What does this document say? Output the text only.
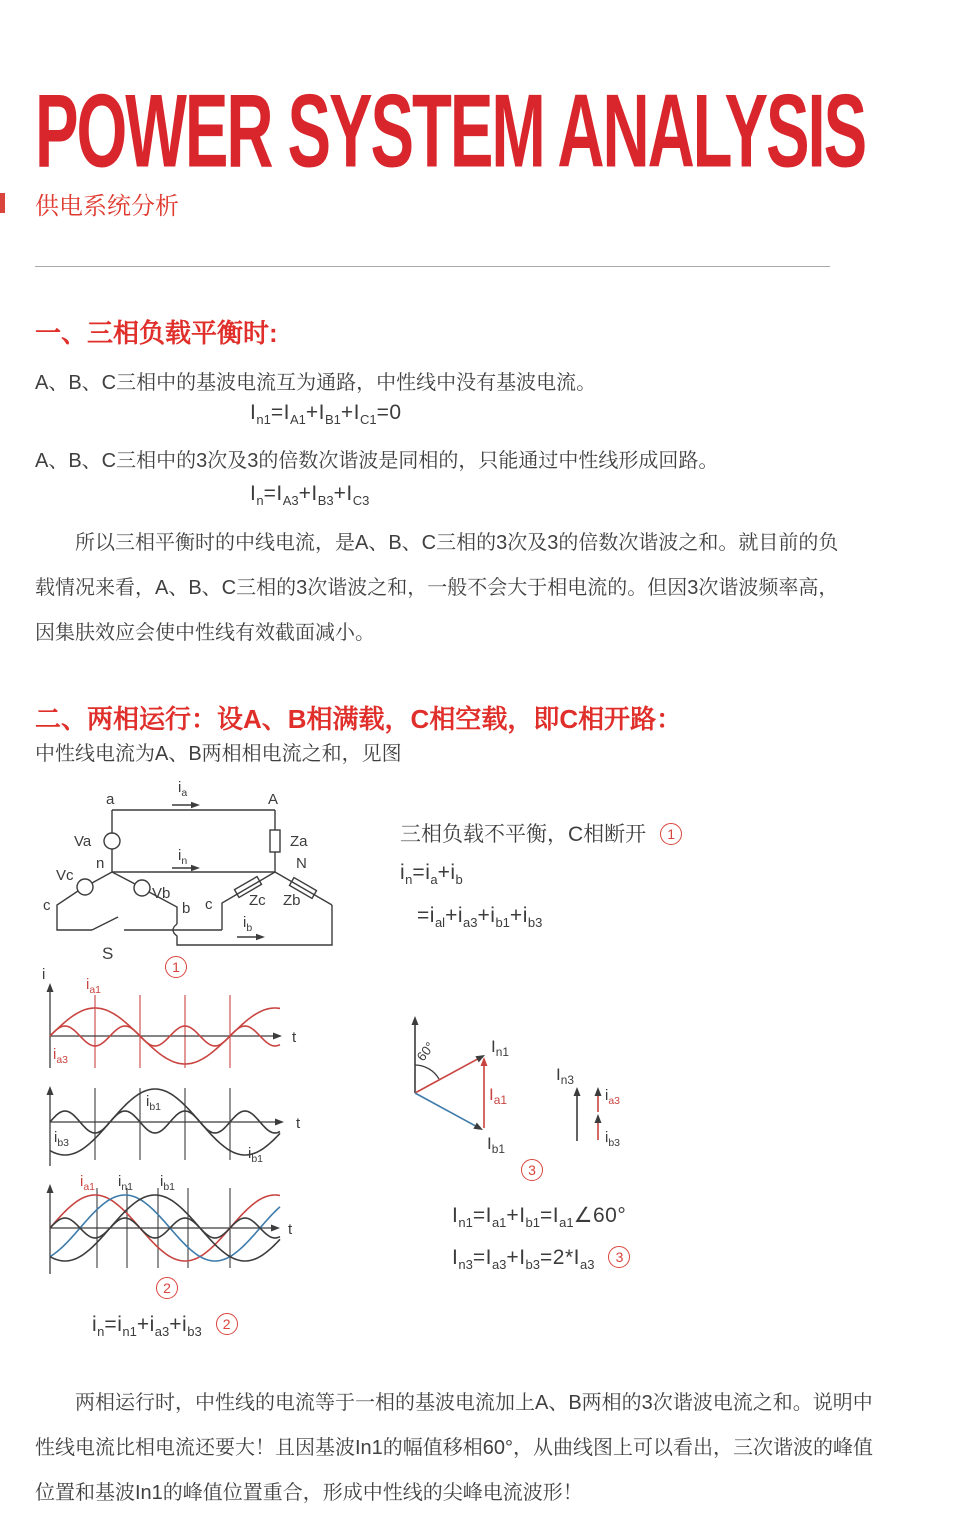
POWER SYSTEM ANALYSIS
供电系统分析
一、三相负载平衡时:
A、B、C三相中的基波电流互为通路，中性线中没有基波电流。
$I_{n1}=I_{A1}+I_{B1}+I_{C1}=0$
A、B、C三相中的3次及3的倍数次谐波是同相的，只能通过中性线形成回路。
$I_n=I_{A3}+I_{B3}+I_{C3}$
所以三相平衡时的中线电流，是A、B、C三相的3次及3的倍数次谐波之和。就目前的负载情况来看，A、B、C三相的3次谐波之和，一般不会大于相电流的。但因3次谐波频率高，因集肤效应会使中性线有效截面减小。
二、两相运行：设A、B相满载，C相空载，即C相开路：
中性线电流为A、B两相相电流之和，见图
a
$i_a$	A
Va	Za
$i_n$
n	N
Vc
Vb
c	b c Zc Zb
$i_b$
S
三相负载不平衡，C相断开 1
$i_n=i_a+i_b$
$=i_{al}+i_{a3}+i_{b1}+i_{b3}$
i
$i_{a1}$
$i_{a3}$
t
$i_{b3}$
$i_{b1}$
$i_{b1}$
t
$i_{a1}$ $i_{n1}$ $i_{b1}$
t
$I_{n1}$
$I_{a1}$
$I_{b1}$
60°
$I_{n3}$
$i_{a3}$
$i_{b3}$
1
2
3
$I_{n1}=I_{a1}+I_{b1}=I_{a1}\angle 60^\circ$
$I_{n3}=I_{a3}+I_{b3}=2*I_{a3}$ 3
$i_n=i_{n1}+i_{a3}+i_{b3}$ 2
两相运行时，中性线的电流等于一相的基波电流加上A、B两相的3次谐波电流之和。说明中性线电流比相电流还要大！且因基波In1的幅值移相60°，从曲线图上可以看出，三次谐波的峰值位置和基波In1的峰值位置重合，形成中性线的尖峰电流波形！
